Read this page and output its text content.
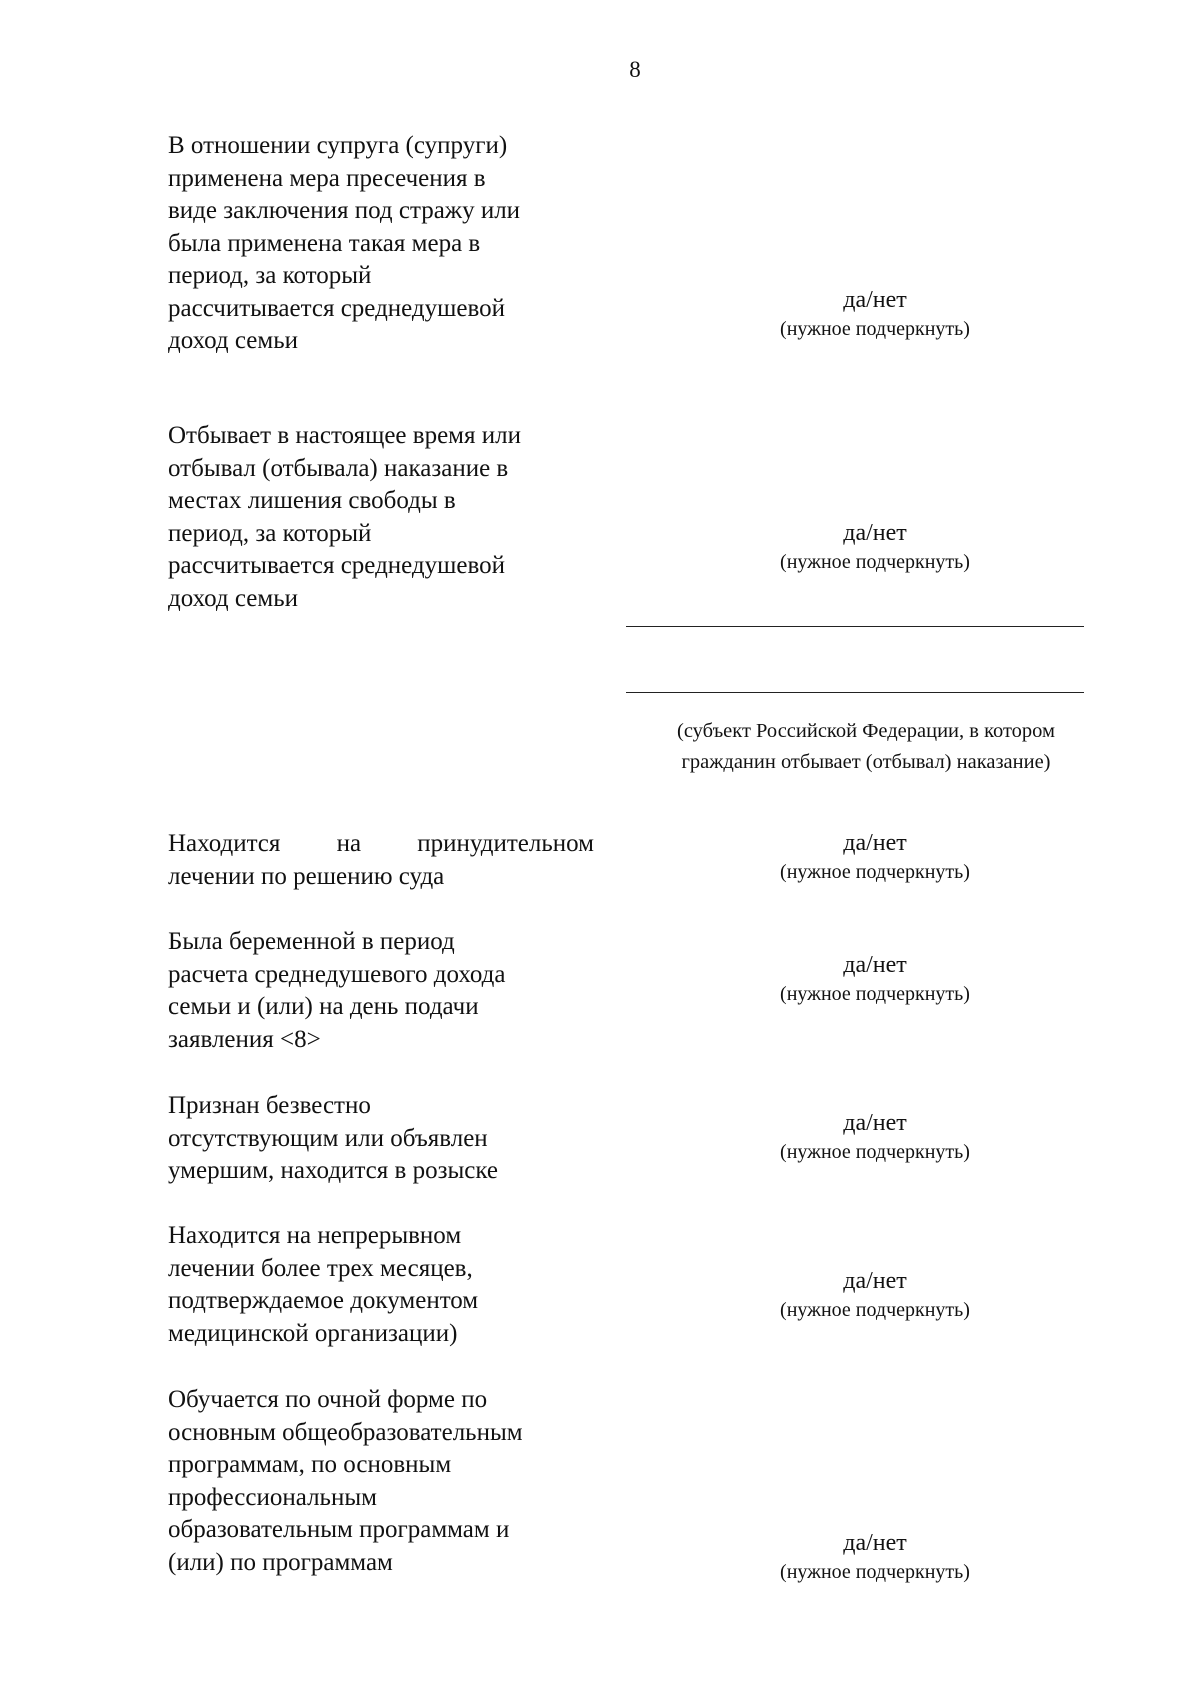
8
В отношении супруга (супруги)
применена мера пресечения в
виде заключения под стражу или
была применена такая мера в
период, за который
рассчитывается среднедушевой
доход семьи
да/нет
(нужное подчеркнуть)
Отбывает в настоящее время или
отбывал (отбывала) наказание в
местах лишения свободы в
период, за который
рассчитывается среднедушевой
доход семьи
да/нет
(нужное подчеркнуть)
(субъект Российской Федерации, в котором
гражданин отбывает (отбывал) наказание)
Находится на принудительном
лечении по решению суда
да/нет
(нужное подчеркнуть)
Была беременной в период
расчета среднедушевого дохода
семьи и (или) на день подачи
заявления <8>
да/нет
(нужное подчеркнуть)
Признан безвестно
отсутствующим или объявлен
умершим, находится в розыске
да/нет
(нужное подчеркнуть)
Находится на непрерывном
лечении более трех месяцев,
подтверждаемое документом
медицинской организации)
да/нет
(нужное подчеркнуть)
Обучается по очной форме по
основным общеобразовательным
программам, по основным
профессиональным
образовательным программам и
(или) по программам
да/нет
(нужное подчеркнуть)
